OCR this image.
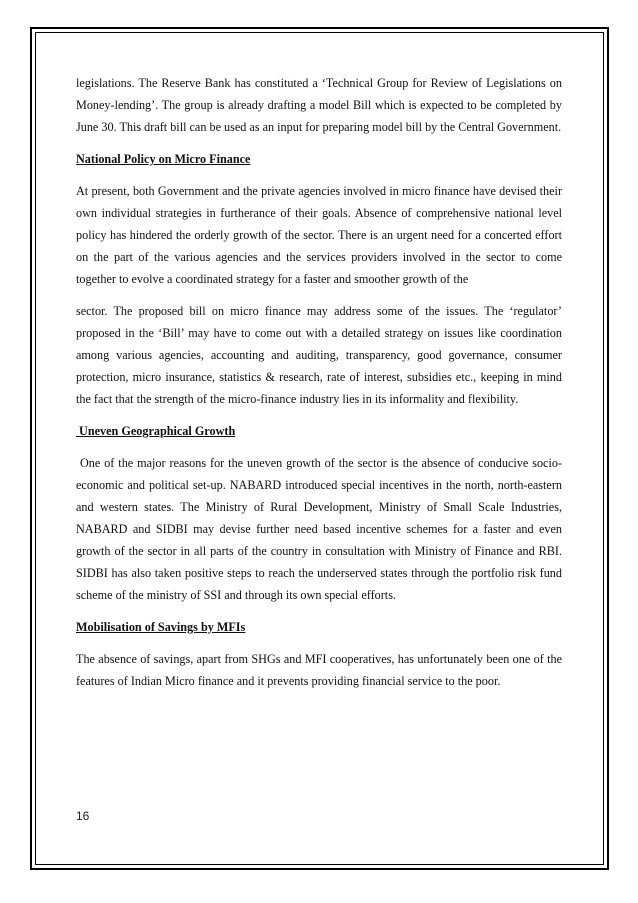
legislations. The Reserve Bank has constituted a ‘Technical Group for Review of Legislations on Money-lending’. The group is already drafting a model Bill which is expected to be completed by June 30. This draft bill can be used as an input for preparing model bill by the Central Government.

National Policy on Micro Finance

At present, both Government and the private agencies involved in micro finance have devised their own individual strategies in furtherance of their goals. Absence of comprehensive national level policy has hindered the orderly growth of the sector. There is an urgent need for a concerted effort on the part of the various agencies and the services providers involved in the sector to come together to evolve a coordinated strategy for a faster and smoother growth of the

sector. The proposed bill on micro finance may address some of the issues. The ‘regulator’ proposed in the ‘Bill’ may have to come out with a detailed strategy on issues like coordination among various agencies, accounting and auditing, transparency, good governance, consumer protection, micro insurance, statistics & research, rate of interest, subsidies etc., keeping in mind the fact that the strength of the micro-finance industry lies in its informality and flexibility.

Uneven Geographical Growth

One of the major reasons for the uneven growth of the sector is the absence of conducive socio-economic and political set-up. NABARD introduced special incentives in the north, north-eastern and western states. The Ministry of Rural Development, Ministry of Small Scale Industries, NABARD and SIDBI may devise further need based incentive schemes for a faster and even growth of the sector in all parts of the country in consultation with Ministry of Finance and RBI. SIDBI has also taken positive steps to reach the underserved states through the portfolio risk fund scheme of the ministry of SSI and through its own special efforts.

Mobilisation of Savings by MFIs

The absence of savings, apart from SHGs and MFI cooperatives, has unfortunately been one of the features of Indian Micro finance and it prevents providing financial service to the poor.

16
